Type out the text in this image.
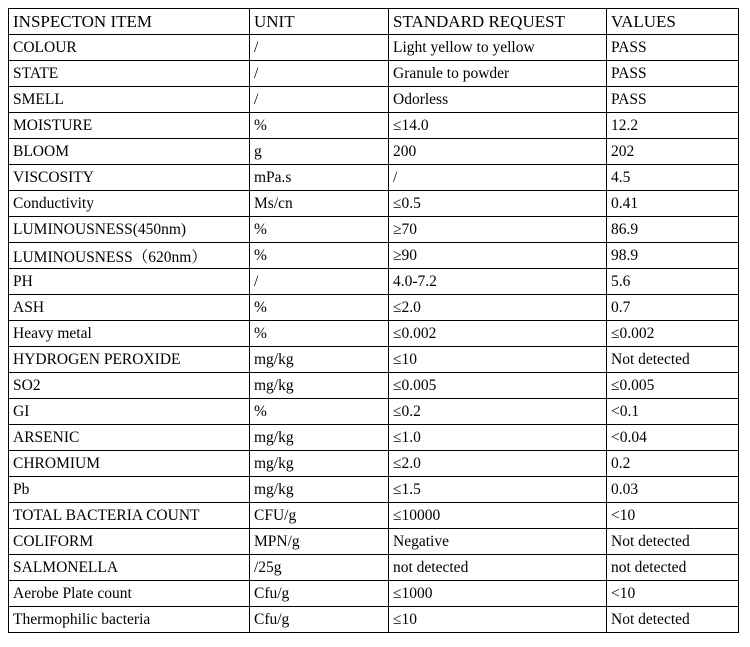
INSPECTON ITEM	UNIT	STANDARD REQUEST	VALUES
COLOUR	/	Light yellow to yellow	PASS
STATE	/	Granule to powder	PASS
SMELL	/	Odorless	PASS
MOISTURE	%	≤14.0	12.2
BLOOM	g	200	202
VISCOSITY	mPa.s	/	4.5
Conductivity	Ms/cn	≤0.5	0.41
LUMINOUSNESS(450nm)	%	≥70	86.9
LUMINOUSNESS（620nm）	%	≥90	98.9
PH	/	4.0-7.2	5.6
ASH	%	≤2.0	0.7
Heavy metal	%	≤0.002	≤0.002
HYDROGEN PEROXIDE	mg/kg	≤10	Not detected
SO2	mg/kg	≤0.005	≤0.005
GI	%	≤0.2	<0.1
ARSENIC	mg/kg	≤1.0	<0.04
CHROMIUM	mg/kg	≤2.0	0.2
Pb	mg/kg	≤1.5	0.03
TOTAL BACTERIA COUNT	CFU/g	≤10000	<10
COLIFORM	MPN/g	Negative	Not detected
SALMONELLA	/25g	not detected	not detected
Aerobe Plate count	Cfu/g	≤1000	<10
Thermophilic bacteria	Cfu/g	≤10	Not detected
